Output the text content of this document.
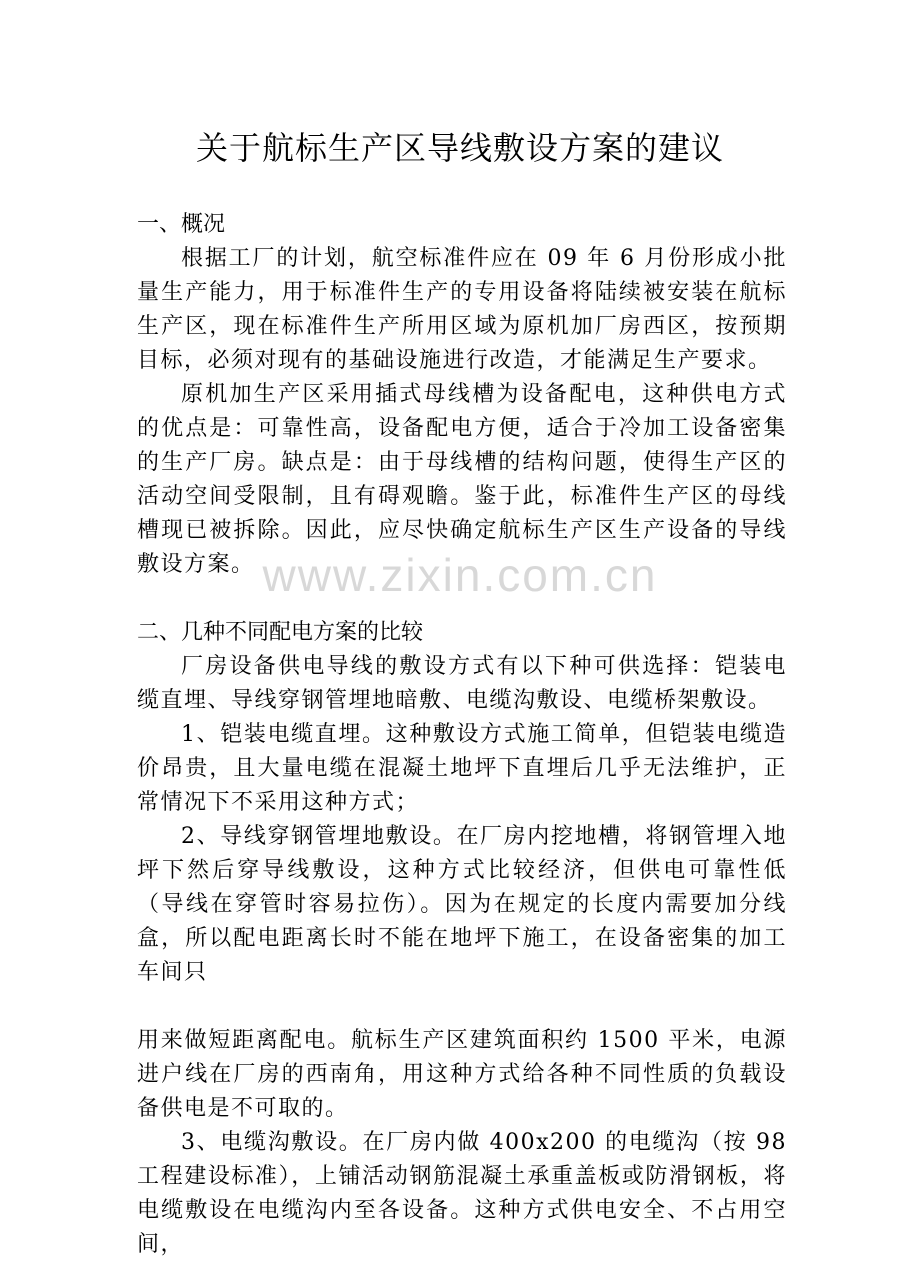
www.zixin.com.cn
关于航标生产区导线敷设方案的建议

一、概况

根据工厂的计划，航空标准件应在 09 年 6 月份形成小批量生产能力，用于标准件生产的专用设备将陆续被安装在航标生产区，现在标准件生产所用区域为原机加厂房西区，按预期目标，必须对现有的基础设施进行改造，才能满足生产要求。

原机加生产区采用插式母线槽为设备配电，这种供电方式的优点是：可靠性高，设备配电方便，适合于冷加工设备密集的生产厂房。缺点是：由于母线槽的结构问题，使得生产区的活动空间受限制，且有碍观瞻。鉴于此，标准件生产区的母线槽现已被拆除。因此，应尽快确定航标生产区生产设备的导线敷设方案。

二、几种不同配电方案的比较

厂房设备供电导线的敷设方式有以下种可供选择：铠装电缆直埋、导线穿钢管埋地暗敷、电缆沟敷设、电缆桥架敷设。

1、铠装电缆直埋。这种敷设方式施工简单，但铠装电缆造价昂贵，且大量电缆在混凝土地坪下直埋后几乎无法维护，正常情况下不采用这种方式；

2、导线穿钢管埋地敷设。在厂房内挖地槽，将钢管埋入地坪下然后穿导线敷设，这种方式比较经济，但供电可靠性低（导线在穿管时容易拉伤）。因为在规定的长度内需要加分线盒，所以配电距离长时不能在地坪下施工，在设备密集的加工车间只

用来做短距离配电。航标生产区建筑面积约 1500 平米，电源进户线在厂房的西南角，用这种方式给各种不同性质的负载设备供电是不可取的。

3、电缆沟敷设。在厂房内做 400x200 的电缆沟（按 98 工程建设标准），上铺活动钢筋混凝土承重盖板或防滑钢板，将电缆敷设在电缆沟内至各设备。这种方式供电安全、不占用空间，
